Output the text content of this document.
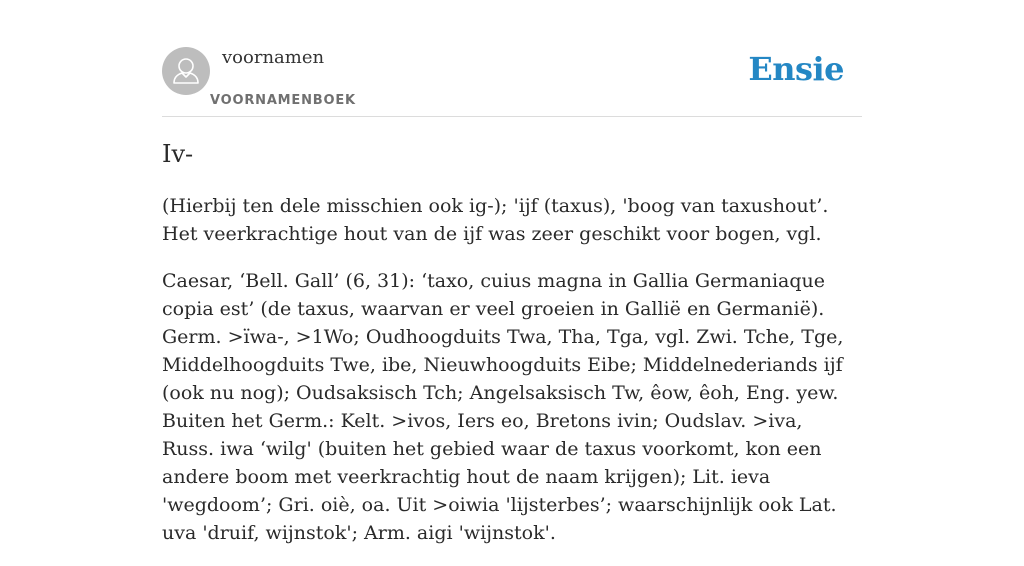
voornamen
VOORNAMENBOEK
Ensie
Iv-

(Hierbij ten dele misschien ook ig-); 'ijf (taxus), 'boog van taxushout’. Het veerkrachtige hout van de ijf was zeer geschikt voor bogen, vgl.

Caesar, ‘Bell. Gall’ (6, 31): ‘taxo, cuius magna in Gallia Germaniaque copia est’ (de taxus, waarvan er veel groeien in Gallië en Germanië). Germ. >ïwa-, >1Wo; Oudhoogduits Twa, Tha, Tga, vgl. Zwi. Tche, Tge, Middelhoogduits Twe, ibe, Nieuwhoogduits Eibe; Middelnederiands ijf (ook nu nog); Oudsaksisch Tch; Angelsaksisch Tw, êow, êoh, Eng. yew. Buiten het Germ.: Kelt. >ivos, Iers eo, Bretons ivin; Oudslav. >iva, Russ. iwa ‘wilg' (buiten het gebied waar de taxus voorkomt, kon een andere boom met veerkrachtig hout de naam krijgen); Lit. ieva 'wegdoom’; Gri. oiè, oa. Uit >oiwia 'lijsterbes’; waarschijnlijk ook Lat. uva 'druif, wijnstok'; Arm. aigi 'wijnstok'.
